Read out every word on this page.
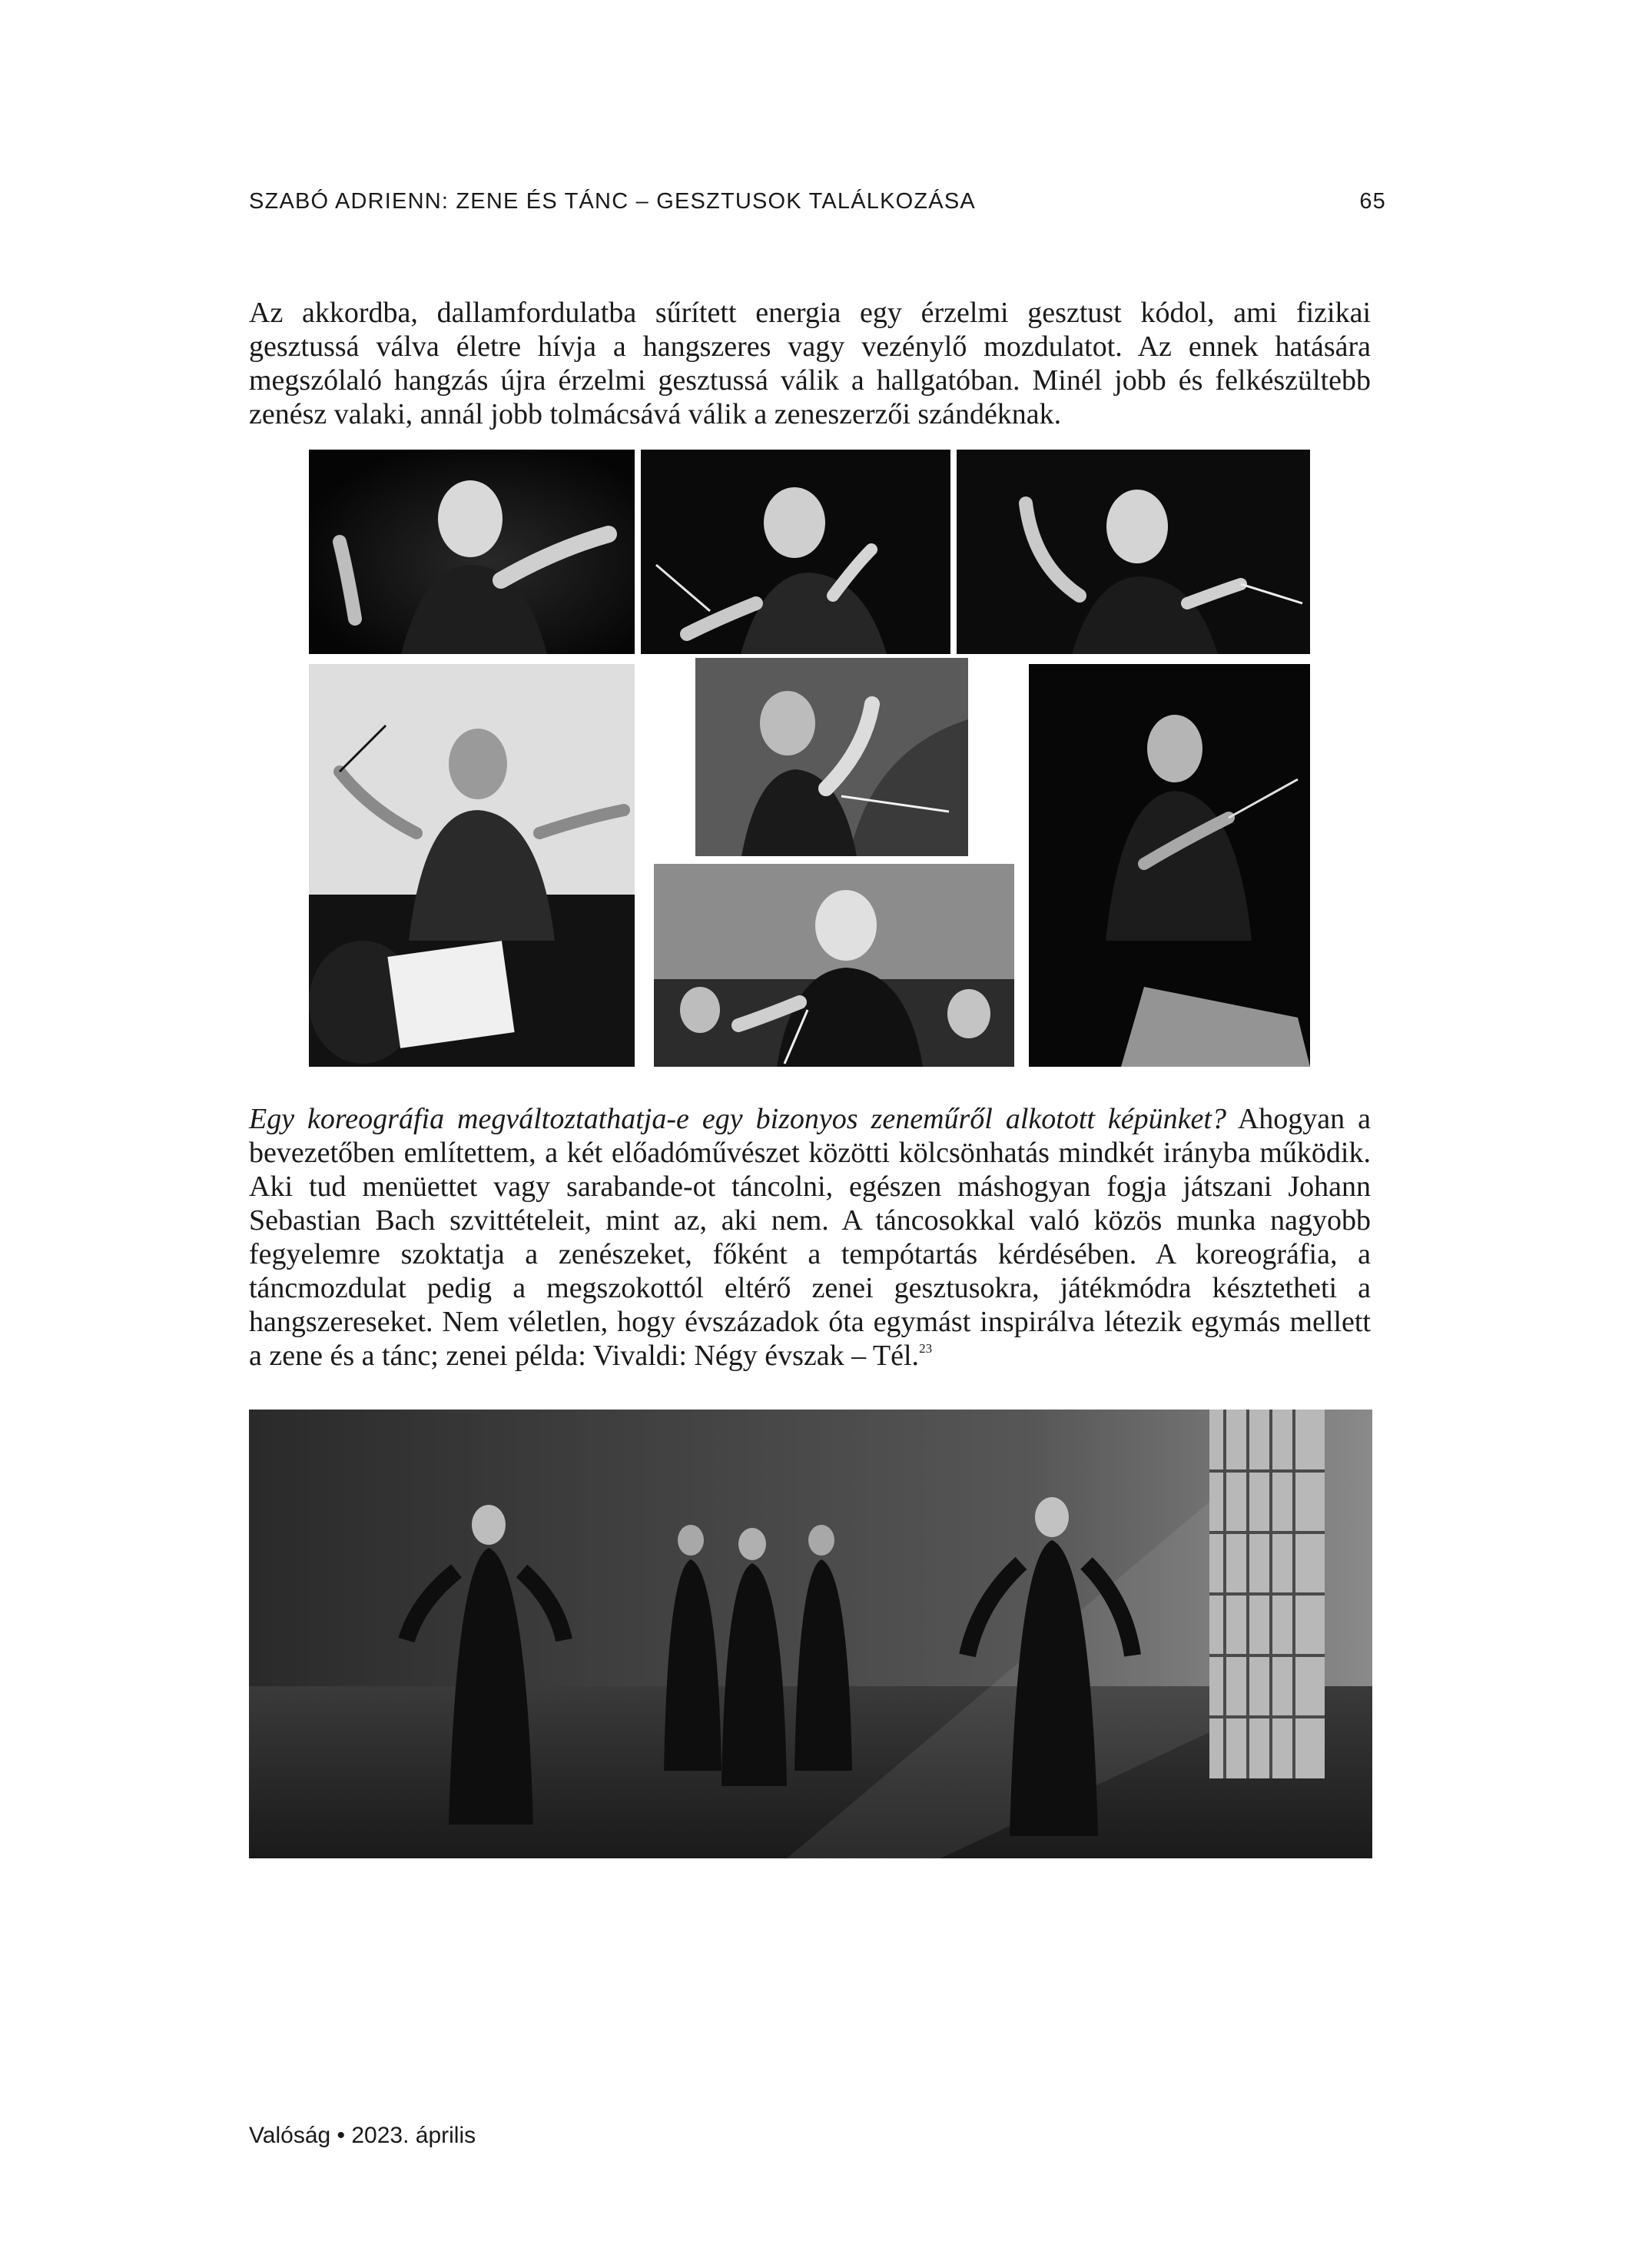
SZABÓ ADRIENN: ZENE ÉS TÁNC – GESZTUSOK TALÁLKOZÁSA	65

Az akkordba, dallamfordulatba sűrített energia egy érzelmi gesztust kódol, ami fizikai gesztussá válva életre hívja a hangszeres vagy vezénylő mozdulatot. Az ennek hatására megszólaló hangzás újra érzelmi gesztussá válik a hallgatóban. Minél jobb és felkészültebb zenész valaki, annál jobb tolmácsává válik a zeneszerzői szándéknak.

Egy koreográfia megváltoztathatja-e egy bizonyos zeneműről alkotott képünket? Ahogyan a bevezetőben említettem, a két előadóművészet közötti kölcsönhatás mindkét irányba működik. Aki tud menüettet vagy sarabande-ot táncolni, egészen máshogyan fogja játszani Johann Sebastian Bach szvittételeit, mint az, aki nem. A táncosokkal való közös munka nagyobb fegyelemre szoktatja a zenészeket, főként a tempótartás kérdésében. A koreográfia, a táncmozdulat pedig a megszokottól eltérő zenei gesztusokra, játékmódra késztetheti a hangszereseket. Nem véletlen, hogy évszázadok óta egymást inspirálva létezik egymás mellett a zene és a tánc; zenei példa: Vivaldi: Négy évszak – Tél.$^{23}$

Valóság • 2023. április
